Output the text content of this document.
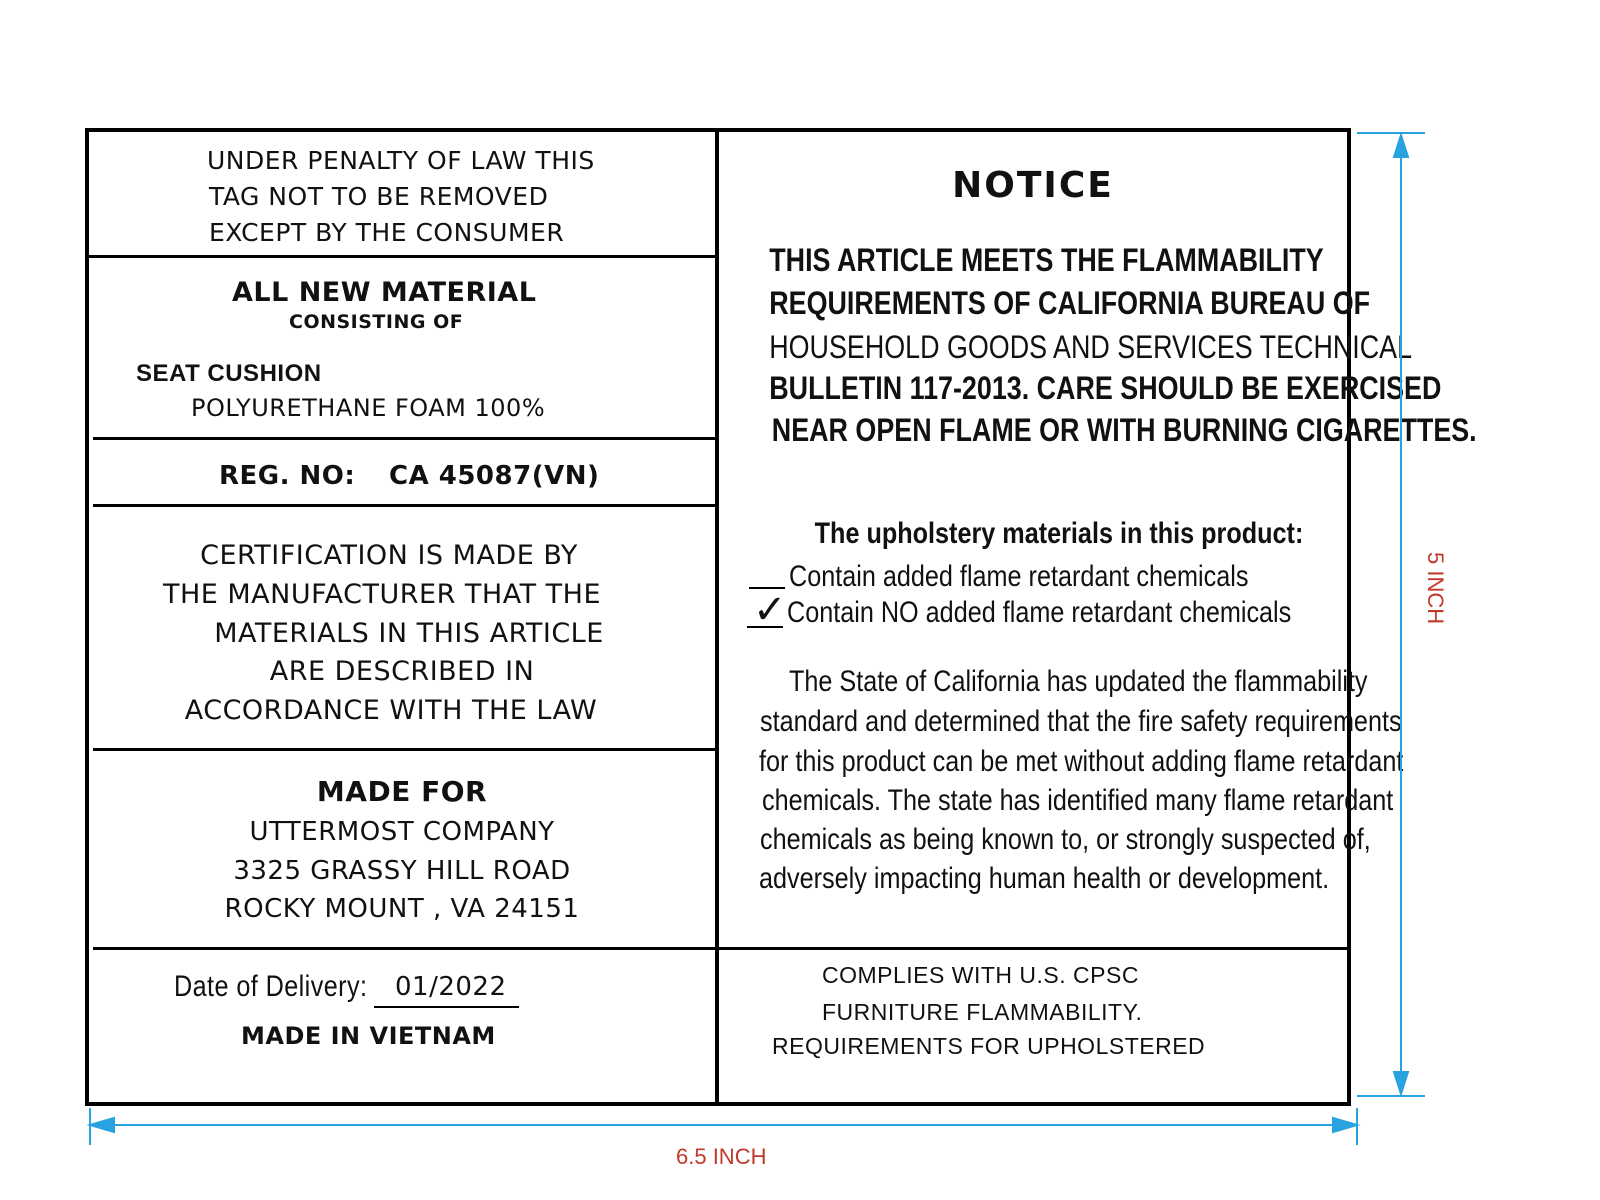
UNDER PENALTY OF LAW THIS
TAG NOT TO BE REMOVED
EXCEPT BY THE CONSUMER
ALL NEW MATERIAL
CONSISTING OF
SEAT CUSHION
POLYURETHANE FOAM 100%
REG. NO: CA 45087(VN)
CERTIFICATION IS MADE BY
THE MANUFACTURER THAT THE
MATERIALS IN THIS ARTICLE
ARE DESCRIBED IN
ACCORDANCE WITH THE LAW
MADE FOR
UTTERMOST COMPANY
3325 GRASSY HILL ROAD
ROCKY MOUNT , VA 24151
Date of Delivery: 01/2022
MADE IN VIETNAM
NOTICE
THIS ARTICLE MEETS THE FLAMMABILITY
REQUIREMENTS OF CALIFORNIA BUREAU OF
HOUSEHOLD GOODS AND SERVICES TECHNICAL
BULLETIN 117-2013. CARE SHOULD BE EXERCISED
NEAR OPEN FLAME OR WITH BURNING CIGARETTES.
The upholstery materials in this product:
Contain added flame retardant chemicals
✓ Contain NO added flame retardant chemicals
The State of California has updated the flammability
standard and determined that the fire safety requirements
for this product can be met without adding flame retardant
chemicals. The state has identified many flame retardant
chemicals as being known to, or strongly suspected of,
adversely impacting human health or development.
COMPLIES WITH U.S. CPSC
FURNITURE FLAMMABILITY.
REQUIREMENTS FOR UPHOLSTERED
6.5 INCH
5 INCH
